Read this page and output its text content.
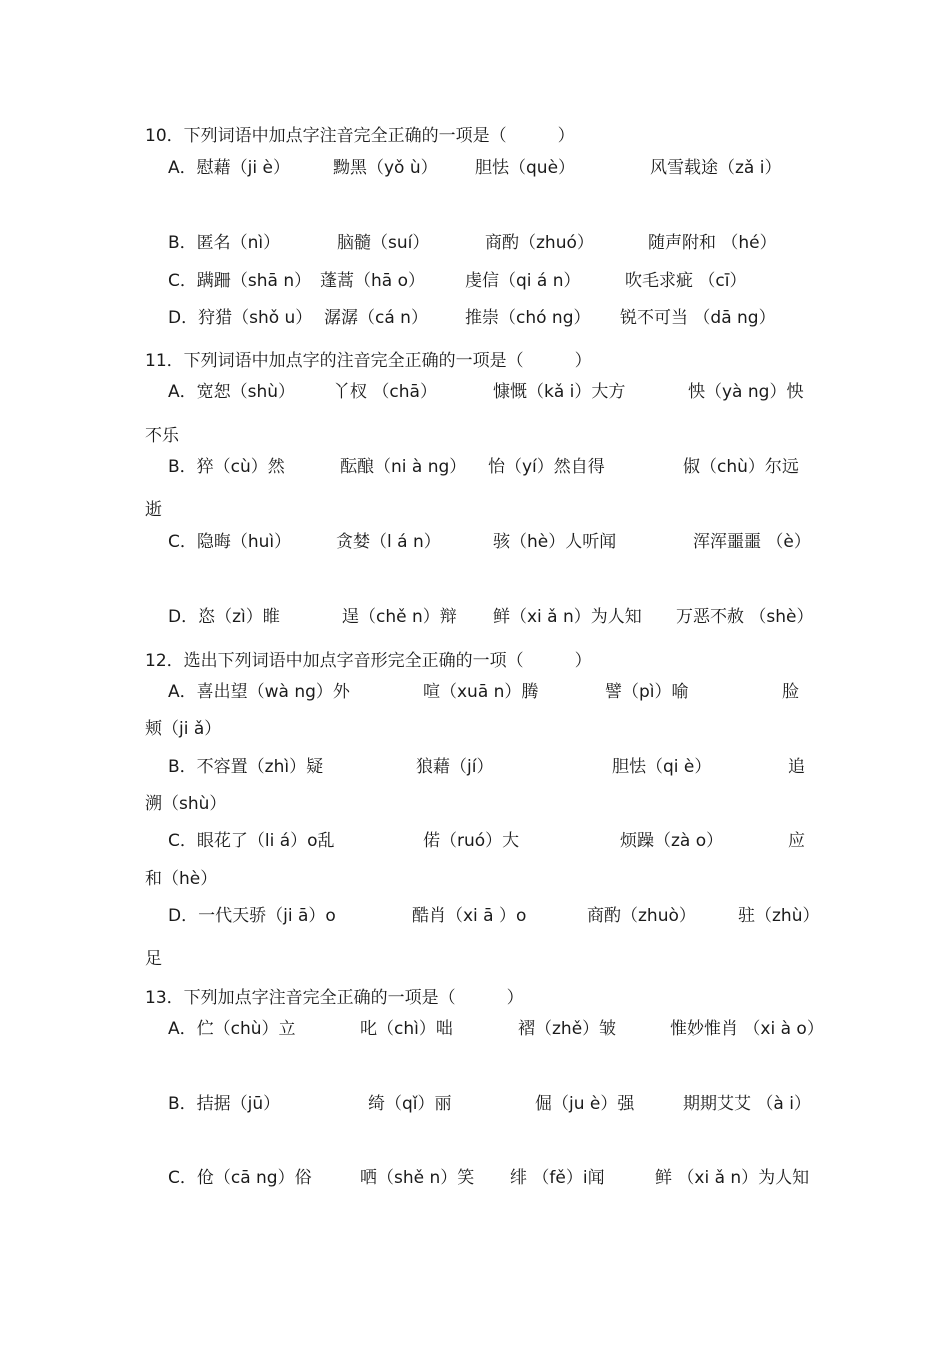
10．下列词语中加点字注音完全正确的一项是（　　　）
A．慰藉（ji è）	黝黑（yǒ ù） 胆怯（què）	风雪载途（zǎ i）
B．匿名（nì）	脑髓（suí）	商酌（zhuó）	随声附和 （hé）
C．蹒跚（shā n） 蓬蒿（hā o） 虔信（qi á n）	吹毛求疵 （cī）
D．狩猎（shǒ u） 潺潺（cá n） 推崇（chó ng） 锐不可当 （dā ng）
11．下列词语中加点字的注音完全正确的一项是（　　　）
A．宽恕（shù） 丫杈 （chā）	慷慨（kǎ i）大方	怏（yà ng）怏
不乐
B．猝（cù）然	酝酿（ni à ng） 怡（yí）然自得	俶（chù）尔远
逝
C．隐晦（huì）	贪婪（l á n）	骇（hè）人听闻	浑浑噩噩 （è）
D．恣（zì）睢	逞（chě n）辩 鲜（xi ǎ n）为人知 万恶不赦 （shè）
12．选出下列词语中加点字音形完全正确的一项（　　　）
A．喜出望（wà ng）外	喧（xuā n）腾	譬（pì）喻	脸
颊（ji ǎ）
B．不容置（zhì）疑	狼藉（jí）	胆怯（qi è）	追
溯（shù）
C．眼花了（li á）o乱	偌（ruó）大	烦躁（zà o）	应
和（hè）
D．一代天骄（ji ā）o	酷肖（xi ā ）o	商酌（zhuò） 驻（zhù）
足
13．下列加点字注音完全正确的一项是（　　　）
A．伫（chù）立	叱（chì）咄	褶（zhě）皱	惟妙惟肖 （xi à o）
B．拮据（jū）	绮（qǐ）丽	倔（ju è）强	期期艾艾 （à i）
C．伧（cā ng）俗	哂（shě n）笑 绯 （fě）i闻	鲜 （xi ǎ n）为人知
